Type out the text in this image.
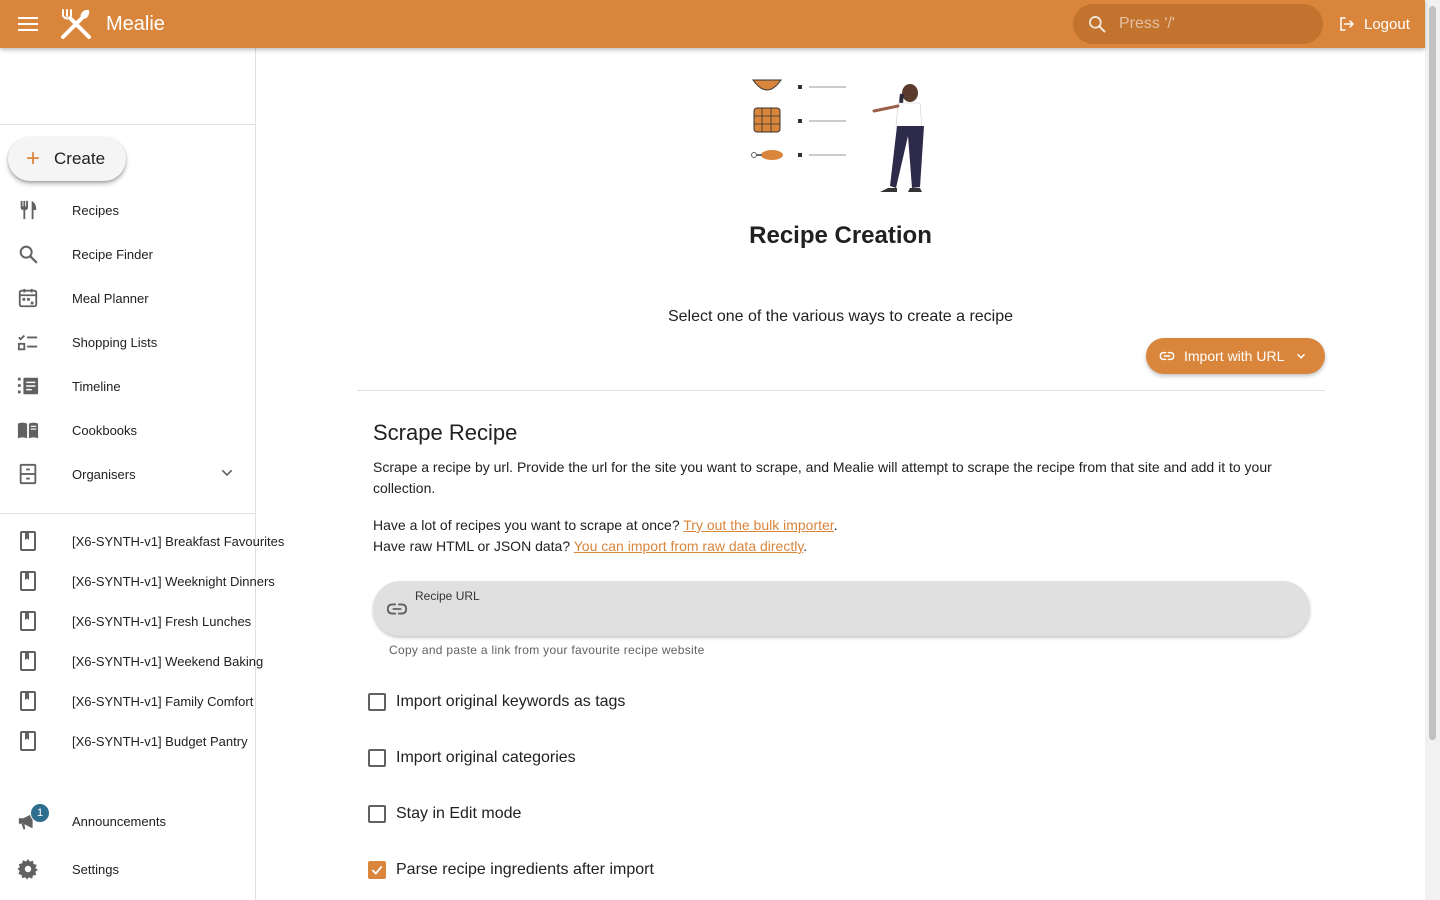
Mealie
Press '/'	Logout
+ Create
Recipes
Recipe Finder
Meal Planner
Shopping Lists
Timeline
Cookbooks
Organisers
[X6-SYNTH-v1] Breakfast Favourites
[X6-SYNTH-v1] Weeknight Dinners
[X6-SYNTH-v1] Fresh Lunches
[X6-SYNTH-v1] Weekend Baking
[X6-SYNTH-v1] Family Comfort
[X6-SYNTH-v1] Budget Pantry
1
Announcements
Settings
Recipe Creation
Select one of the various ways to create a recipe
Import with URL
Scrape Recipe
Scrape a recipe by url. Provide the url for the site you want to scrape, and Mealie will attempt to scrape the recipe from that site and add it to your collection.
Have a lot of recipes you want to scrape at once? Try out the bulk importer.
Have raw HTML or JSON data? You can import from raw data directly.
Recipe URL
Copy and paste a link from your favourite recipe website
Import original keywords as tags
Import original categories
Stay in Edit mode
Parse recipe ingredients after import
